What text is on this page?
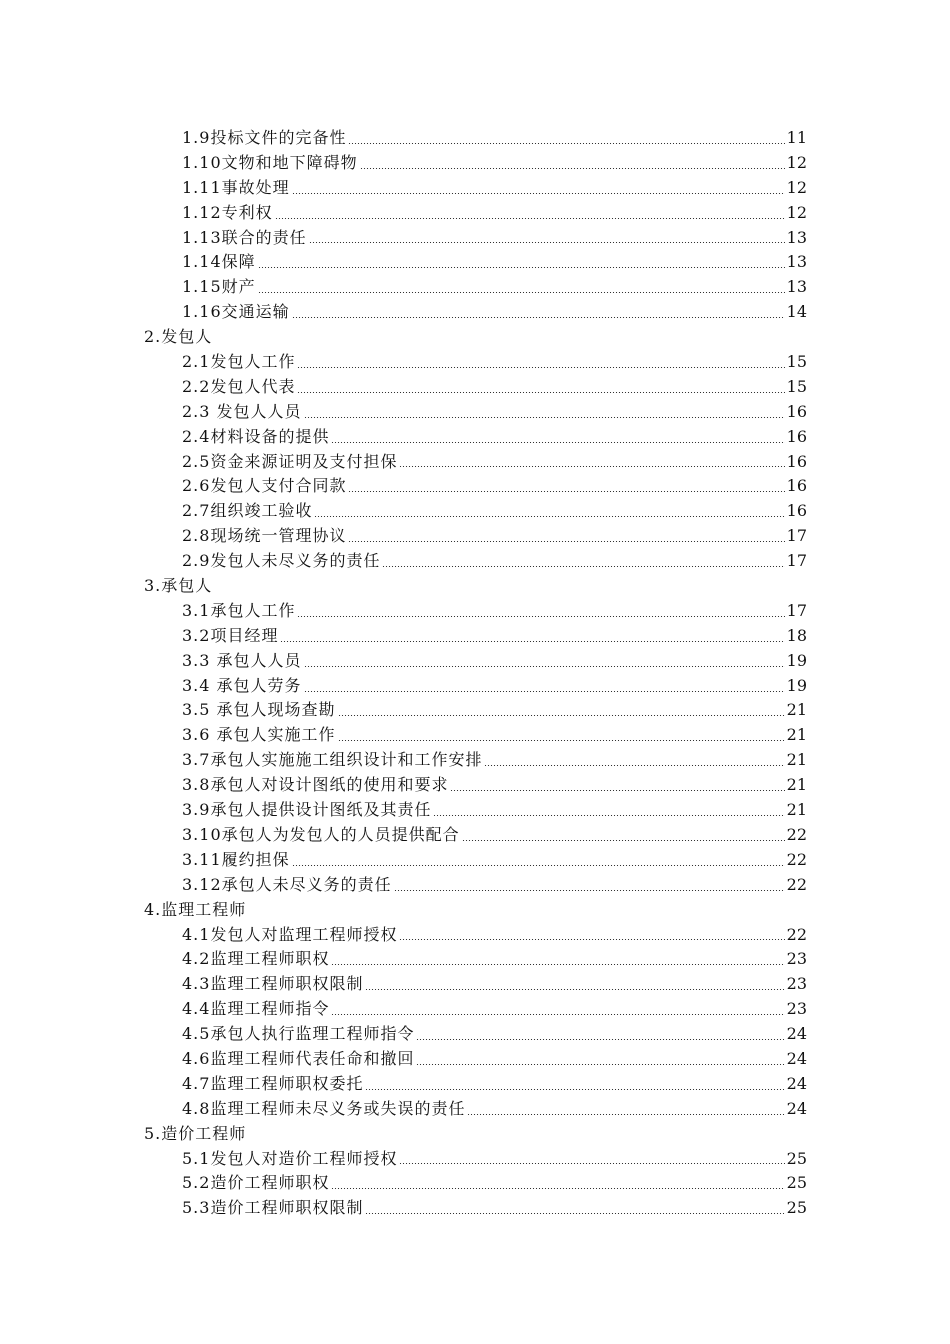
1.9投标文件的完备性	11
1.10文物和地下障碍物	12
1.11事故处理	12
1.12专利权	12
1.13联合的责任	13
1.14保障	13
1.15财产	13
1.16交通运输	14
2.发包人
2.1发包人工作	15
2.2发包人代表	15
2.3 发包人人员	16
2.4材料设备的提供	16
2.5资金来源证明及支付担保	16
2.6发包人支付合同款	16
2.7组织竣工验收	16
2.8现场统一管理协议	17
2.9发包人未尽义务的责任	17
3.承包人
3.1承包人工作	17
3.2项目经理	18
3.3 承包人人员	19
3.4 承包人劳务	19
3.5 承包人现场查勘	21
3.6 承包人实施工作	21
3.7承包人实施施工组织设计和工作安排	21
3.8承包人对设计图纸的使用和要求	21
3.9承包人提供设计图纸及其责任	21
3.10承包人为发包人的人员提供配合	22
3.11履约担保	22
3.12承包人未尽义务的责任	22
4.监理工程师
4.1发包人对监理工程师授权	22
4.2监理工程师职权	23
4.3监理工程师职权限制	23
4.4监理工程师指令	23
4.5承包人执行监理工程师指令	24
4.6监理工程师代表任命和撤回	24
4.7监理工程师职权委托	24
4.8监理工程师未尽义务或失误的责任	24
5.造价工程师
5.1发包人对造价工程师授权	25
5.2造价工程师职权	25
5.3造价工程师职权限制	25
